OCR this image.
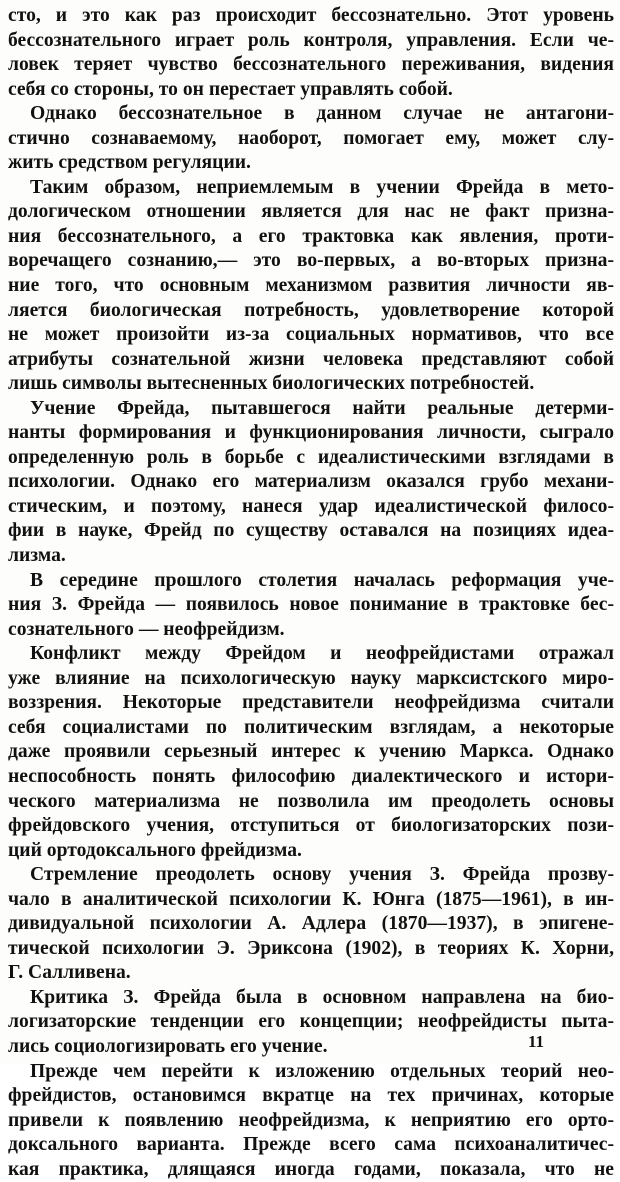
сто, и это как раз происходит бессознательно. Этот уровень
бессознательного играет роль контроля, управления. Если че-
ловек теряет чувство бессознательного переживания, видения
себя со стороны, то он перестает управлять собой.
Однако бессознательное в данном случае не антагони-
стично сознаваемому, наоборот, помогает ему, может слу-
жить средством регуляции.
Таким образом, неприемлемым в учении Фрейда в мето-
дологическом отношении является для нас не факт призна-
ния бессознательного, а его трактовка как явления, проти-
воречащего сознанию,— это во-первых, а во-вторых призна-
ние того, что основным механизмом развития личности яв-
ляется биологическая потребность, удовлетворение которой
не может произойти из-за социальных нормативов, что все
атрибуты сознательной жизни человека представляют собой
лишь символы вытесненных биологических потребностей.
Учение Фрейда, пытавшегося найти реальные детерми-
нанты формирования и функционирования личности, сыграло
определенную роль в борьбе с идеалистическими взглядами в
психологии. Однако его материализм оказался грубо механи-
стическим, и поэтому, нанеся удар идеалистической филосо-
фии в науке, Фрейд по существу оставался на позициях идеа-
лизма.
В середине прошлого столетия началась реформация уче-
ния З. Фрейда — появилось новое понимание в трактовке бес-
сознательного — неофрейдизм.
Конфликт между Фрейдом и неофрейдистами отражал
уже влияние на психологическую науку марксистского миро-
воззрения. Некоторые представители неофрейдизма считали
себя социалистами по политическим взглядам, а некоторые
даже проявили серьезный интерес к учению Маркса. Однако
неспособность понять философию диалектического и истори-
ческого материализма не позволила им преодолеть основы
фрейдовского учения, отступиться от биологизаторских пози-
ций ортодоксального фрейдизма.
Стремление преодолеть основу учения З. Фрейда прозву-
чало в аналитической психологии К. Юнга (1875—1961), в ин-
дивидуальной психологии А. Адлера (1870—1937), в эпигене-
тической психологии Э. Эриксона (1902), в теориях К. Хорни,
Г. Салливена.
Критика З. Фрейда была в основном направлена на био-
логизаторские тенденции его концепции; неофрейдисты пыта-
лись социологизировать его учение.
Прежде чем перейти к изложению отдельных теорий нео-
фрейдистов, остановимся вкратце на тех причинах, которые
привели к появлению неофрейдизма, к неприятию его орто-
доксального варианта. Прежде всего сама психоаналитичес-
кая практика, длящаяся иногда годами, показала, что не
11
